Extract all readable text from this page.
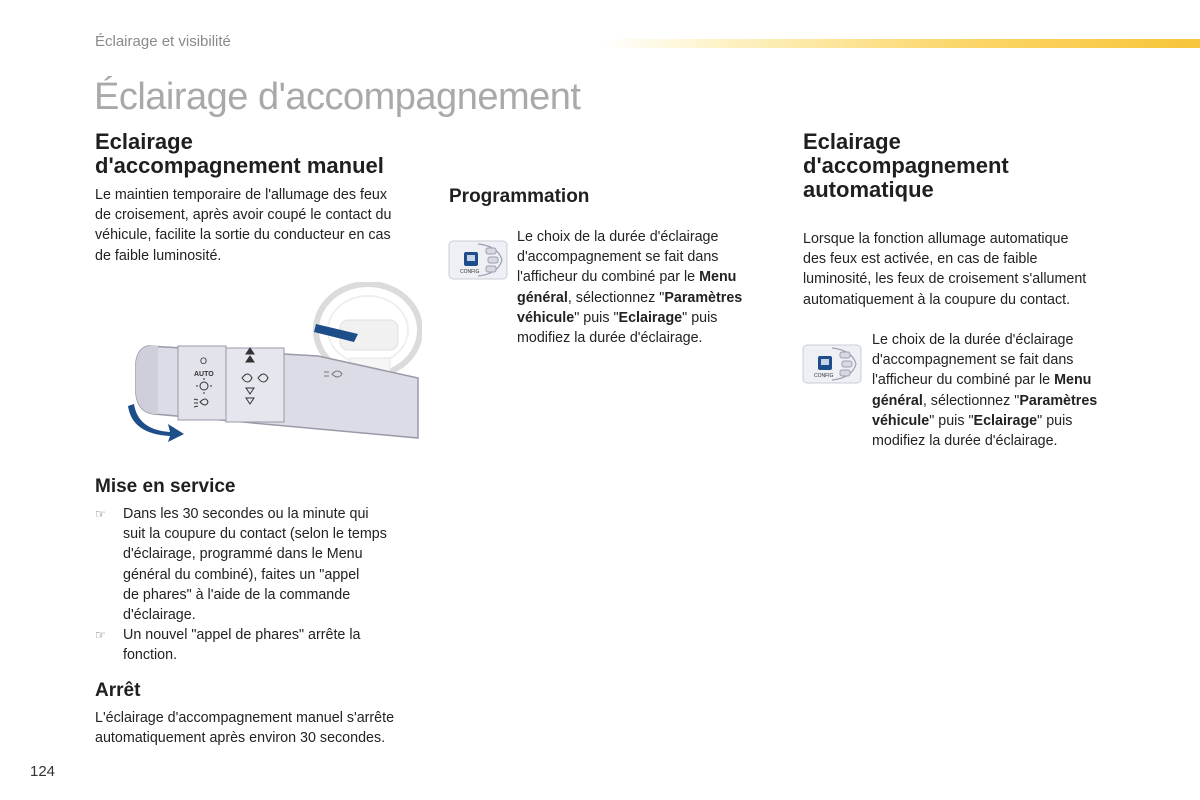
Éclairage et visibilité
Éclairage d'accompagnement
Eclairage
d'accompagnement manuel
Le maintien temporaire de l'allumage des feux
de croisement, après avoir coupé le contact du
véhicule, facilite la sortie du conducteur en cas
de faible luminosité.
O
AUTO
Mise en service
☞ Dans les 30 secondes ou la minute qui
suit la coupure du contact (selon le temps
d'éclairage, programmé dans le Menu
général du combiné), faites un "appel
de phares" à l'aide de la commande
d'éclairage.
☞ Un nouvel "appel de phares" arrête la
fonction.
Arrêt
L'éclairage d'accompagnement manuel s'arrête
automatiquement après environ 30 secondes.
Programmation
CONFIG
Le choix de la durée d'éclairage
d'accompagnement se fait dans
l'afficheur du combiné par le Menu
général, sélectionnez "Paramètres
véhicule" puis "Eclairage" puis
modifiez la durée d'éclairage.
Eclairage
d'accompagnement
automatique
Lorsque la fonction allumage automatique
des feux est activée, en cas de faible
luminosité, les feux de croisement s'allument
automatiquement à la coupure du contact.
CONFIG
Le choix de la durée d'éclairage
d'accompagnement se fait dans
l'afficheur du combiné par le Menu
général, sélectionnez "Paramètres
véhicule" puis "Eclairage" puis
modifiez la durée d'éclairage.
124
